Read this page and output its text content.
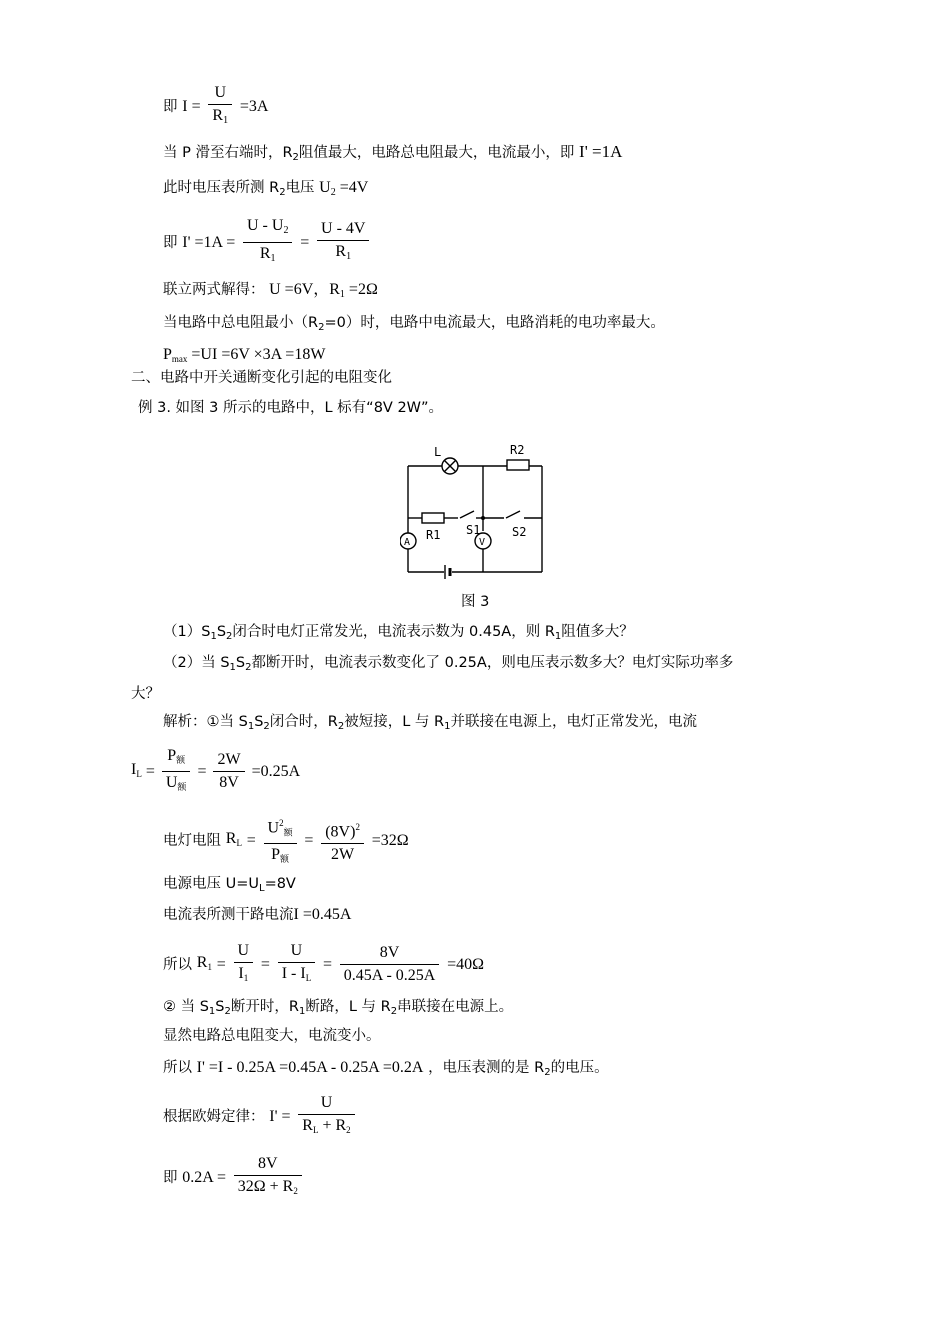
即 $I = \frac{U}{R_1} =3A$
当 P 滑至右端时，$R_2$阻值最大，电路总电阻最大，电流最小，即 I' =1A
此时电压表所测 $R_2$电压 $U_2 =4V$
即 $I' =1A = \frac{U - U_2}{R_1} = \frac{U - 4V}{R_1}$
联立两式解得： U =6V，$R_1 =2\Omega$
当电路中总电阻最小$(R_2=0)$时，电路中电流最大，电路消耗的电功率最大。
$P_{max} =UI =6V \times 3A =18W$
二、电路中开关通断变化引起的电阻变化
例 3. 如图 3 所示的电路中，L 标有“8V 2W”。
L	R2
R1 S1	S2
A	V
图 3
$(1)S_1S_2$闭合时电灯正常发光，电流表示数为 0.45A，则 $R_1$阻值多大？
（2）当 $S_1S_2$都断开时，电流表示数变化了 0.25A，则电压表示数多大？电灯实际功率多
大？
解析：①当 $S_1S_2$闭合时，$R_2$被短接，L 与 $R_1$并联接在电源上，电灯正常发光，电流
$I_L = \frac{P_额}{U_额} = \frac{2W}{8V} =0.25A$
电灯电阻 $R_L = \frac{U^2_额}{P_额} = \frac{(8V)^2}{2W} =32\Omega$
电源电压 $U=U_L=8V$
电流表所测干路电流I =0.45A
所以 $R_1 = \frac{U}{I_1} = \frac{U}{I - I_L} = \frac{8V}{0.45A - 0.25A} =40\Omega$
② 当 $S_1S_2$断开时，$R_1$断路，L 与 $R_2$串联接在电源上。
显然电路总电阻变大，电流变小。
所以 I' =I - 0.25A =0.45A - 0.25A =0.2A ，电压表测的是 $R_2$的电压。
根据欧姆定律： $I' = \frac{U}{R_L + R_2}$
即 $0.2A = \frac{8V}{32\Omega + R_2}$
